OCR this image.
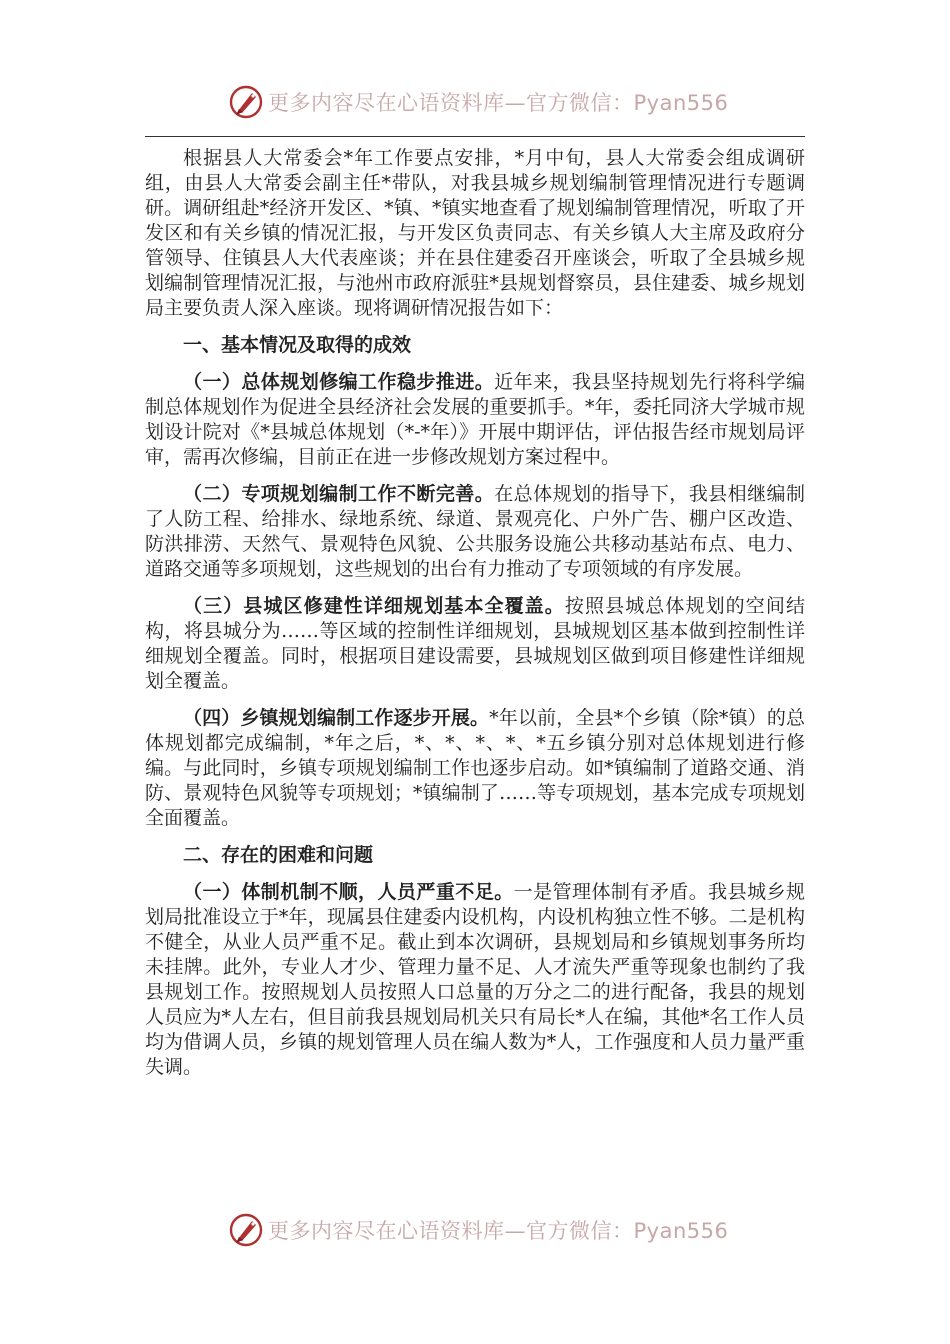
更多内容尽在心语资料库—官方微信：Pyan556

根据县人大常委会*年工作要点安排，*月中旬，县人大常委会组成调研组，由县人大常委会副主任*带队，对我县城乡规划编制管理情况进行专题调研。调研组赴*经济开发区、*镇、*镇实地查看了规划编制管理情况，听取了开发区和有关乡镇的情况汇报，与开发区负责同志、有关乡镇人大主席及政府分管领导、住镇县人大代表座谈；并在县住建委召开座谈会，听取了全县城乡规划编制管理情况汇报，与池州市政府派驻*县规划督察员，县住建委、城乡规划局主要负责人深入座谈。现将调研情况报告如下：

一、基本情况及取得的成效

（一）总体规划修编工作稳步推进。近年来，我县坚持规划先行将科学编制总体规划作为促进全县经济社会发展的重要抓手。*年，委托同济大学城市规划设计院对《*县城总体规划（*-*年）》开展中期评估，评估报告经市规划局评审，需再次修编，目前正在进一步修改规划方案过程中。

（二）专项规划编制工作不断完善。在总体规划的指导下，我县相继编制了人防工程、给排水、绿地系统、绿道、景观亮化、户外广告、棚户区改造、防洪排涝、天然气、景观特色风貌、公共服务设施公共移动基站布点、电力、道路交通等多项规划，这些规划的出台有力推动了专项领域的有序发展。

（三）县城区修建性详细规划基本全覆盖。按照县城总体规划的空间结构，将县城分为……等区域的控制性详细规划，县城规划区基本做到控制性详细规划全覆盖。同时，根据项目建设需要，县城规划区做到项目修建性详细规划全覆盖。

（四）乡镇规划编制工作逐步开展。*年以前，全县*个乡镇（除*镇）的总体规划都完成编制，*年之后，*、*、*、*、*五乡镇分别对总体规划进行修编。与此同时，乡镇专项规划编制工作也逐步启动。如*镇编制了道路交通、消防、景观特色风貌等专项规划；*镇编制了……等专项规划，基本完成专项规划全面覆盖。

二、存在的困难和问题

（一）体制机制不顺，人员严重不足。一是管理体制有矛盾。我县城乡规划局批准设立于*年，现属县住建委内设机构，内设机构独立性不够。二是机构不健全，从业人员严重不足。截止到本次调研，县规划局和乡镇规划事务所均未挂牌。此外，专业人才少、管理力量不足、人才流失严重等现象也制约了我县规划工作。按照规划人员按照人口总量的万分之二的进行配备，我县的规划人员应为*人左右，但目前我县规划局机关只有局长*人在编，其他*名工作人员均为借调人员，乡镇的规划管理人员在编人数为*人，工作强度和人员力量严重失调。

更多内容尽在心语资料库—官方微信：Pyan556
